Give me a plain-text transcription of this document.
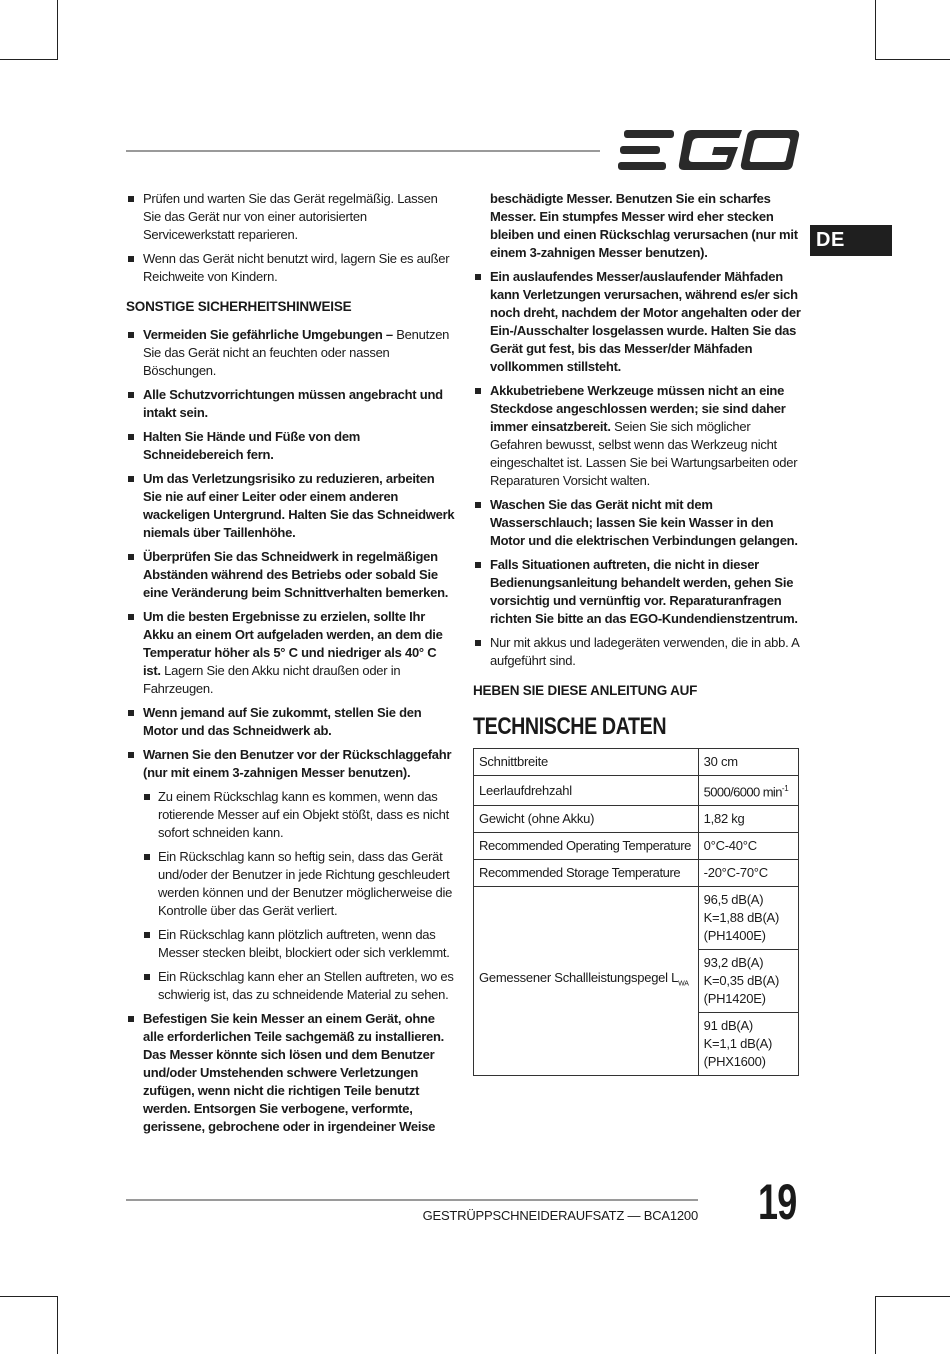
DE
Prüfen und warten Sie das Gerät regelmäßig. Lassen Sie das Gerät nur von einer autorisierten Servicewerkstatt reparieren.
Wenn das Gerät nicht benutzt wird, lagern Sie es außer Reichweite von Kindern.
SONSTIGE SICHERHEITSHINWEISE
Vermeiden Sie gefährliche Umgebungen – Benutzen Sie das Gerät nicht an feuchten oder nassen Böschungen.
Alle Schutzvorrichtungen müssen angebracht und intakt sein.
Halten Sie Hände und Füße von dem Schneidebereich fern.
Um das Verletzungsrisiko zu reduzieren, arbeiten Sie nie auf einer Leiter oder einem anderen wackeligen Untergrund. Halten Sie das Schneidwerk niemals über Taillenhöhe.
Überprüfen Sie das Schneidwerk in regelmäßigen Abständen während des Betriebs oder sobald Sie eine Veränderung beim Schnittverhalten bemerken.
Um die besten Ergebnisse zu erzielen, sollte Ihr Akku an einem Ort aufgeladen werden, an dem die Temperatur höher als 5° C und niedriger als 40° C ist. Lagern Sie den Akku nicht draußen oder in Fahrzeugen.
Wenn jemand auf Sie zukommt, stellen Sie den Motor und das Schneidwerk ab.
Warnen Sie den Benutzer vor der Rückschlaggefahr (nur mit einem 3-zahnigen Messer benutzen).
Zu einem Rückschlag kann es kommen, wenn das rotierende Messer auf ein Objekt stößt, dass es nicht sofort schneiden kann.
Ein Rückschlag kann so heftig sein, dass das Gerät und/oder der Benutzer in jede Richtung geschleudert werden können und der Benutzer möglicherweise die Kontrolle über das Gerät verliert.
Ein Rückschlag kann plötzlich auftreten, wenn das Messer stecken bleibt, blockiert oder sich verklemmt.
Ein Rückschlag kann eher an Stellen auftreten, wo es schwierig ist, das zu schneidende Material zu sehen.
Befestigen Sie kein Messer an einem Gerät, ohne alle erforderlichen Teile sachgemäß zu installieren. Das Messer könnte sich lösen und dem Benutzer und/oder Umstehenden schwere Verletzungen zufügen, wenn nicht die richtigen Teile benutzt werden. Entsorgen Sie verbogene, verformte, gerissene, gebrochene oder in irgendeiner Weise
beschädigte Messer. Benutzen Sie ein scharfes Messer. Ein stumpfes Messer wird eher stecken bleiben und einen Rückschlag verursachen (nur mit einem 3-zahnigen Messer benutzen).
Ein auslaufendes Messer/auslaufender Mähfaden kann Verletzungen verursachen, während es/er sich noch dreht, nachdem der Motor angehalten oder der Ein-/Ausschalter losgelassen wurde. Halten Sie das Gerät gut fest, bis das Messer/der Mähfaden vollkommen stillsteht.
Akkubetriebene Werkzeuge müssen nicht an eine Steckdose angeschlossen werden; sie sind daher immer einsatzbereit. Seien Sie sich möglicher Gefahren bewusst, selbst wenn das Werkzeug nicht eingeschaltet ist. Lassen Sie bei Wartungsarbeiten oder Reparaturen Vorsicht walten.
Waschen Sie das Gerät nicht mit dem Wasserschlauch; lassen Sie kein Wasser in den Motor und die elektrischen Verbindungen gelangen.
Falls Situationen auftreten, die nicht in dieser Bedienungsanleitung behandelt werden, gehen Sie vorsichtig und vernünftig vor. Reparaturanfragen richten Sie bitte an das EGO-Kundendienstzentrum.
Nur mit akkus und ladegeräten verwenden, die in abb. A aufgeführt sind.
HEBEN SIE DIESE ANLEITUNG AUF
TECHNISCHE DATEN
Schnittbreite	30 cm
Leerlaufdrehzahl	5000/6000 $\min^{-1}$
Gewicht (ohne Akku)	1,82 kg
Recommended Operating Temperature	0°C-40°C
Recommended Storage Temperature	-20°C-70°C
Gemessener Schallleistungspegel $L_{WA}$	96,5 dB(A)
K=1,88 dB(A)
(PH1400E)

	93,2 dB(A)
K=0,35 dB(A)
(PH1420E)

	91 dB(A)
K=1,1 dB(A)
(PHX1600)
GESTRÜPPSCHNEIDERAUFSATZ — BCA1200 19
